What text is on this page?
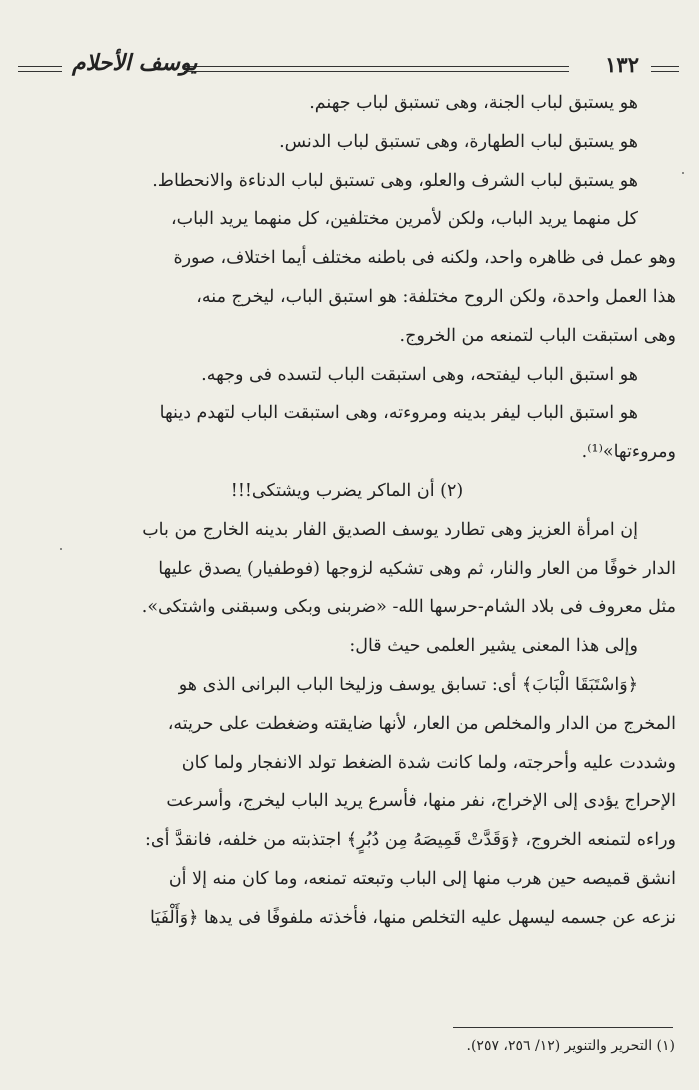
١٣٢
يوسف الأحلام
هو يستبق لباب الجنة، وهى تستبق لباب جهنم.
هو يستبق لباب الطهارة، وهى تستبق لباب الدنس.
هو يستبق لباب الشرف والعلو، وهى تستبق لباب الدناءة والانحطاط.
كل منهما يريد الباب، ولكن لأمرين مختلفين، كل منهما يريد الباب،
وهو عمل فى ظاهره واحد، ولكنه فى باطنه مختلف أيما اختلاف، صورة
هذا العمل واحدة، ولكن الروح مختلفة: هو استبق الباب، ليخرج منه،
وهى استبقت الباب لتمنعه من الخروج.
هو استبق الباب ليفتحه، وهى استبقت الباب لتسده فى وجهه.
هو استبق الباب ليفر بدينه ومروءته، وهى استبقت الباب لتهدم دينها
ومروءتها»⁽¹⁾.
(٢) أن الماكر يضرب ويشتكى!!!
إن امرأة العزيز وهى تطارد يوسف الصديق الفار بدينه الخارج من باب
الدار خوفًا من العار والنار، ثم وهى تشكيه لزوجها (فوطفيار) يصدق عليها
مثل معروف فى بلاد الشام-حرسها الله- «ضربنى وبكى وسبقنى واشتكى».
وإلى هذا المعنى يشير العلمى حيث قال:
﴿وَاسْتَبَقَا الْبَابَ﴾ أى: تسابق يوسف وزليخا الباب البرانى الذى هو
المخرج من الدار والمخلص من العار، لأنها ضايقته وضغطت على حريته،
وشددت عليه وأحرجته، ولما كانت شدة الضغط تولد الانفجار ولما كان
الإحراج يؤدى إلى الإخراج، نفر منها، فأسرع يريد الباب ليخرج، وأسرعت
وراءه لتمنعه الخروج، ﴿وَقَدَّتْ قَمِيصَهُ مِن دُبُرٍ﴾ اجتذبته من خلفه، فانقدَّ أى:
انشق قميصه حين هرب منها إلى الباب وتبعته تمنعه، وما كان منه إلا أن
نزعه عن جسمه ليسهل عليه التخلص منها، فأخذته ملفوفًا فى يدها ﴿وَأَلْفَيَا
(١) التحرير والتنوير (١٢/ ٢٥٦، ٢٥٧).
